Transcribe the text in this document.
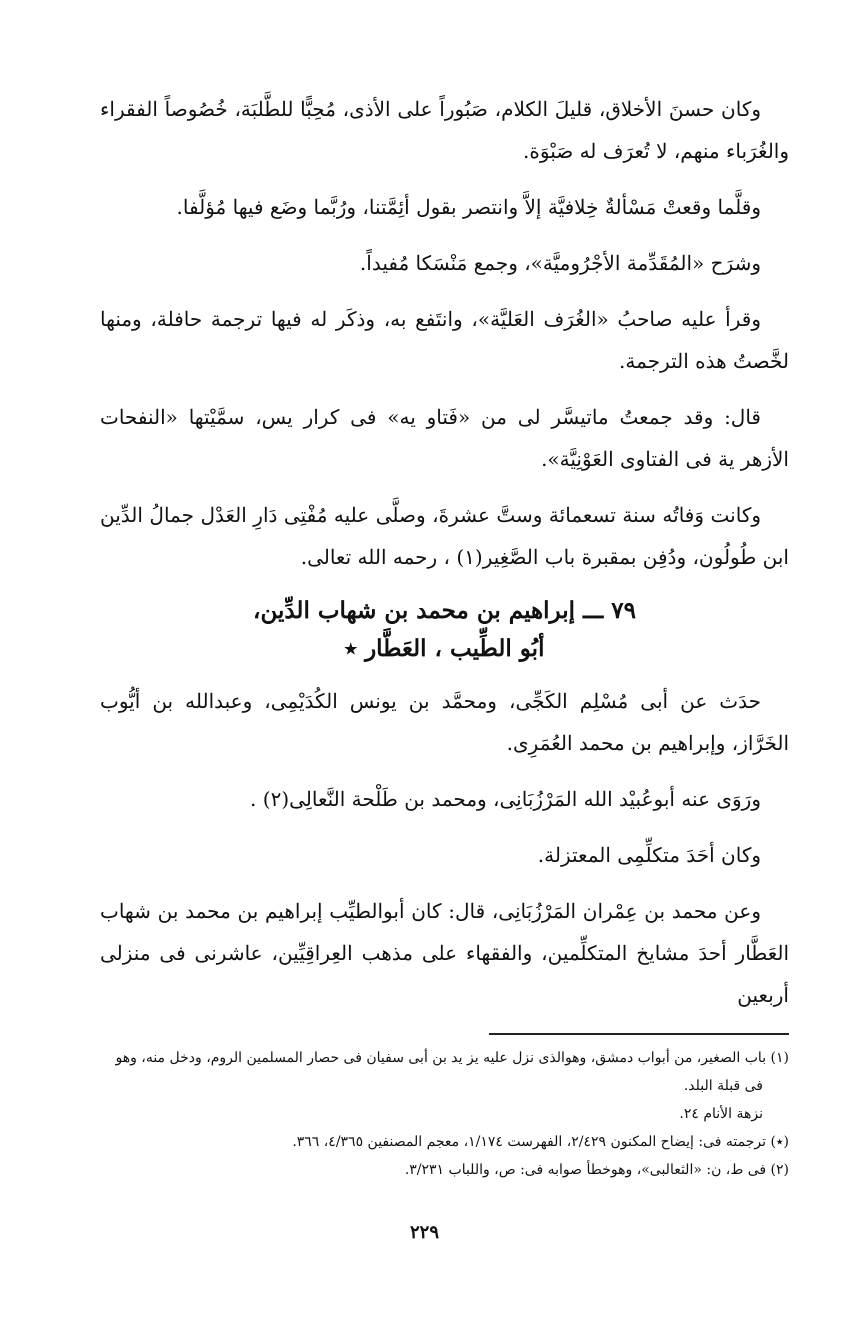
وكان حسنَ الأخلاق، قليلَ الكلام، صَبُوراً على الأذى، مُحِبًّا للطَّلبَة، خُصُوصاً الفقراء والغُرَباء منهم، لا تُعرَف له صَبْوَة.

وقلَّما وقعتْ مَسْألةٌ خِلافيَّة إلاَّ وانتصر بقول أئِمَّتنا، ورُبَّما وضَع فيها مُؤلَّفا.

وشرَح «المُقَدِّمة الأجْرُوميَّة»، وجمع مَنْسَكا مُفيداً.

وقرأ عليه صاحبُ «الغُرَف العَليَّة»، وانتَفع به، وذكَر له فيها ترجمة حافلة، ومنها لخَّصتُ هذه الترجمة.

قال: وقد جمعتُ ماتيسَّر لى من «فَتاو يه» فى كرار يس، سمَّيْتها «النفحات الأزهر ية فى الفتاوى العَوْنِيَّة».

وكانت وَفاتُه سنة تسعمائة وستَّ عشرةَ، وصلَّى عليه مُفْتِى دَارِ العَدْل جمالُ الدِّين ابن طُولُون، ودُفِن بمقبرة باب الصَّغِير(١) ، رحمه الله تعالى.

٧٩ ـــ إبراهيم بن محمد بن شهاب الدِّين،
أبُو الطِّيب ، العَطَّار ٭

حدَث عن أبى مُسْلِم الكَجِّى، ومحمَّد بن يونس الكُدَيْمِى، وعبدالله بن أيُّوب الخَرَّاز، وإبراهيم بن محمد العُمَرِى.

ورَوَى عنه أبوعُبيْد الله المَرْزُبَانِى، ومحمد بن طَلْحة النَّعالِى(٢) .

وكان أحَدَ متكلِّمِى المعتزلة.

وعن محمد بن عِمْران المَرْزُبَانِى، قال: كان أبوالطيِّب إبراهيم بن محمد بن شهاب العَطَّار أحدَ مشايخ المتكلِّمين، والفقهاء على مذهب العِراقِيِّين، عاشرنى فى منزلى أربعين

(١) باب الصغير، من أبواب دمشق، وهوالذى نزل عليه يز يد بن أبى سفيان فى حصار المسلمين الروم، ودخل منه، وهو

فى قبلة البلد.

نزهة الأنام ٢٤.

(٭) ترجمته فى: إيضاح المكنون ٢/٤٢٩، الفهرست ١/١٧٤، معجم المصنفين ٤/٣٦٥، ٣٦٦.

(٢) فى ط، ن: «الثعالبى»، وهوخطأ صوابه فى: ص، واللباب ٣/٢٣١.

٢٢٩
